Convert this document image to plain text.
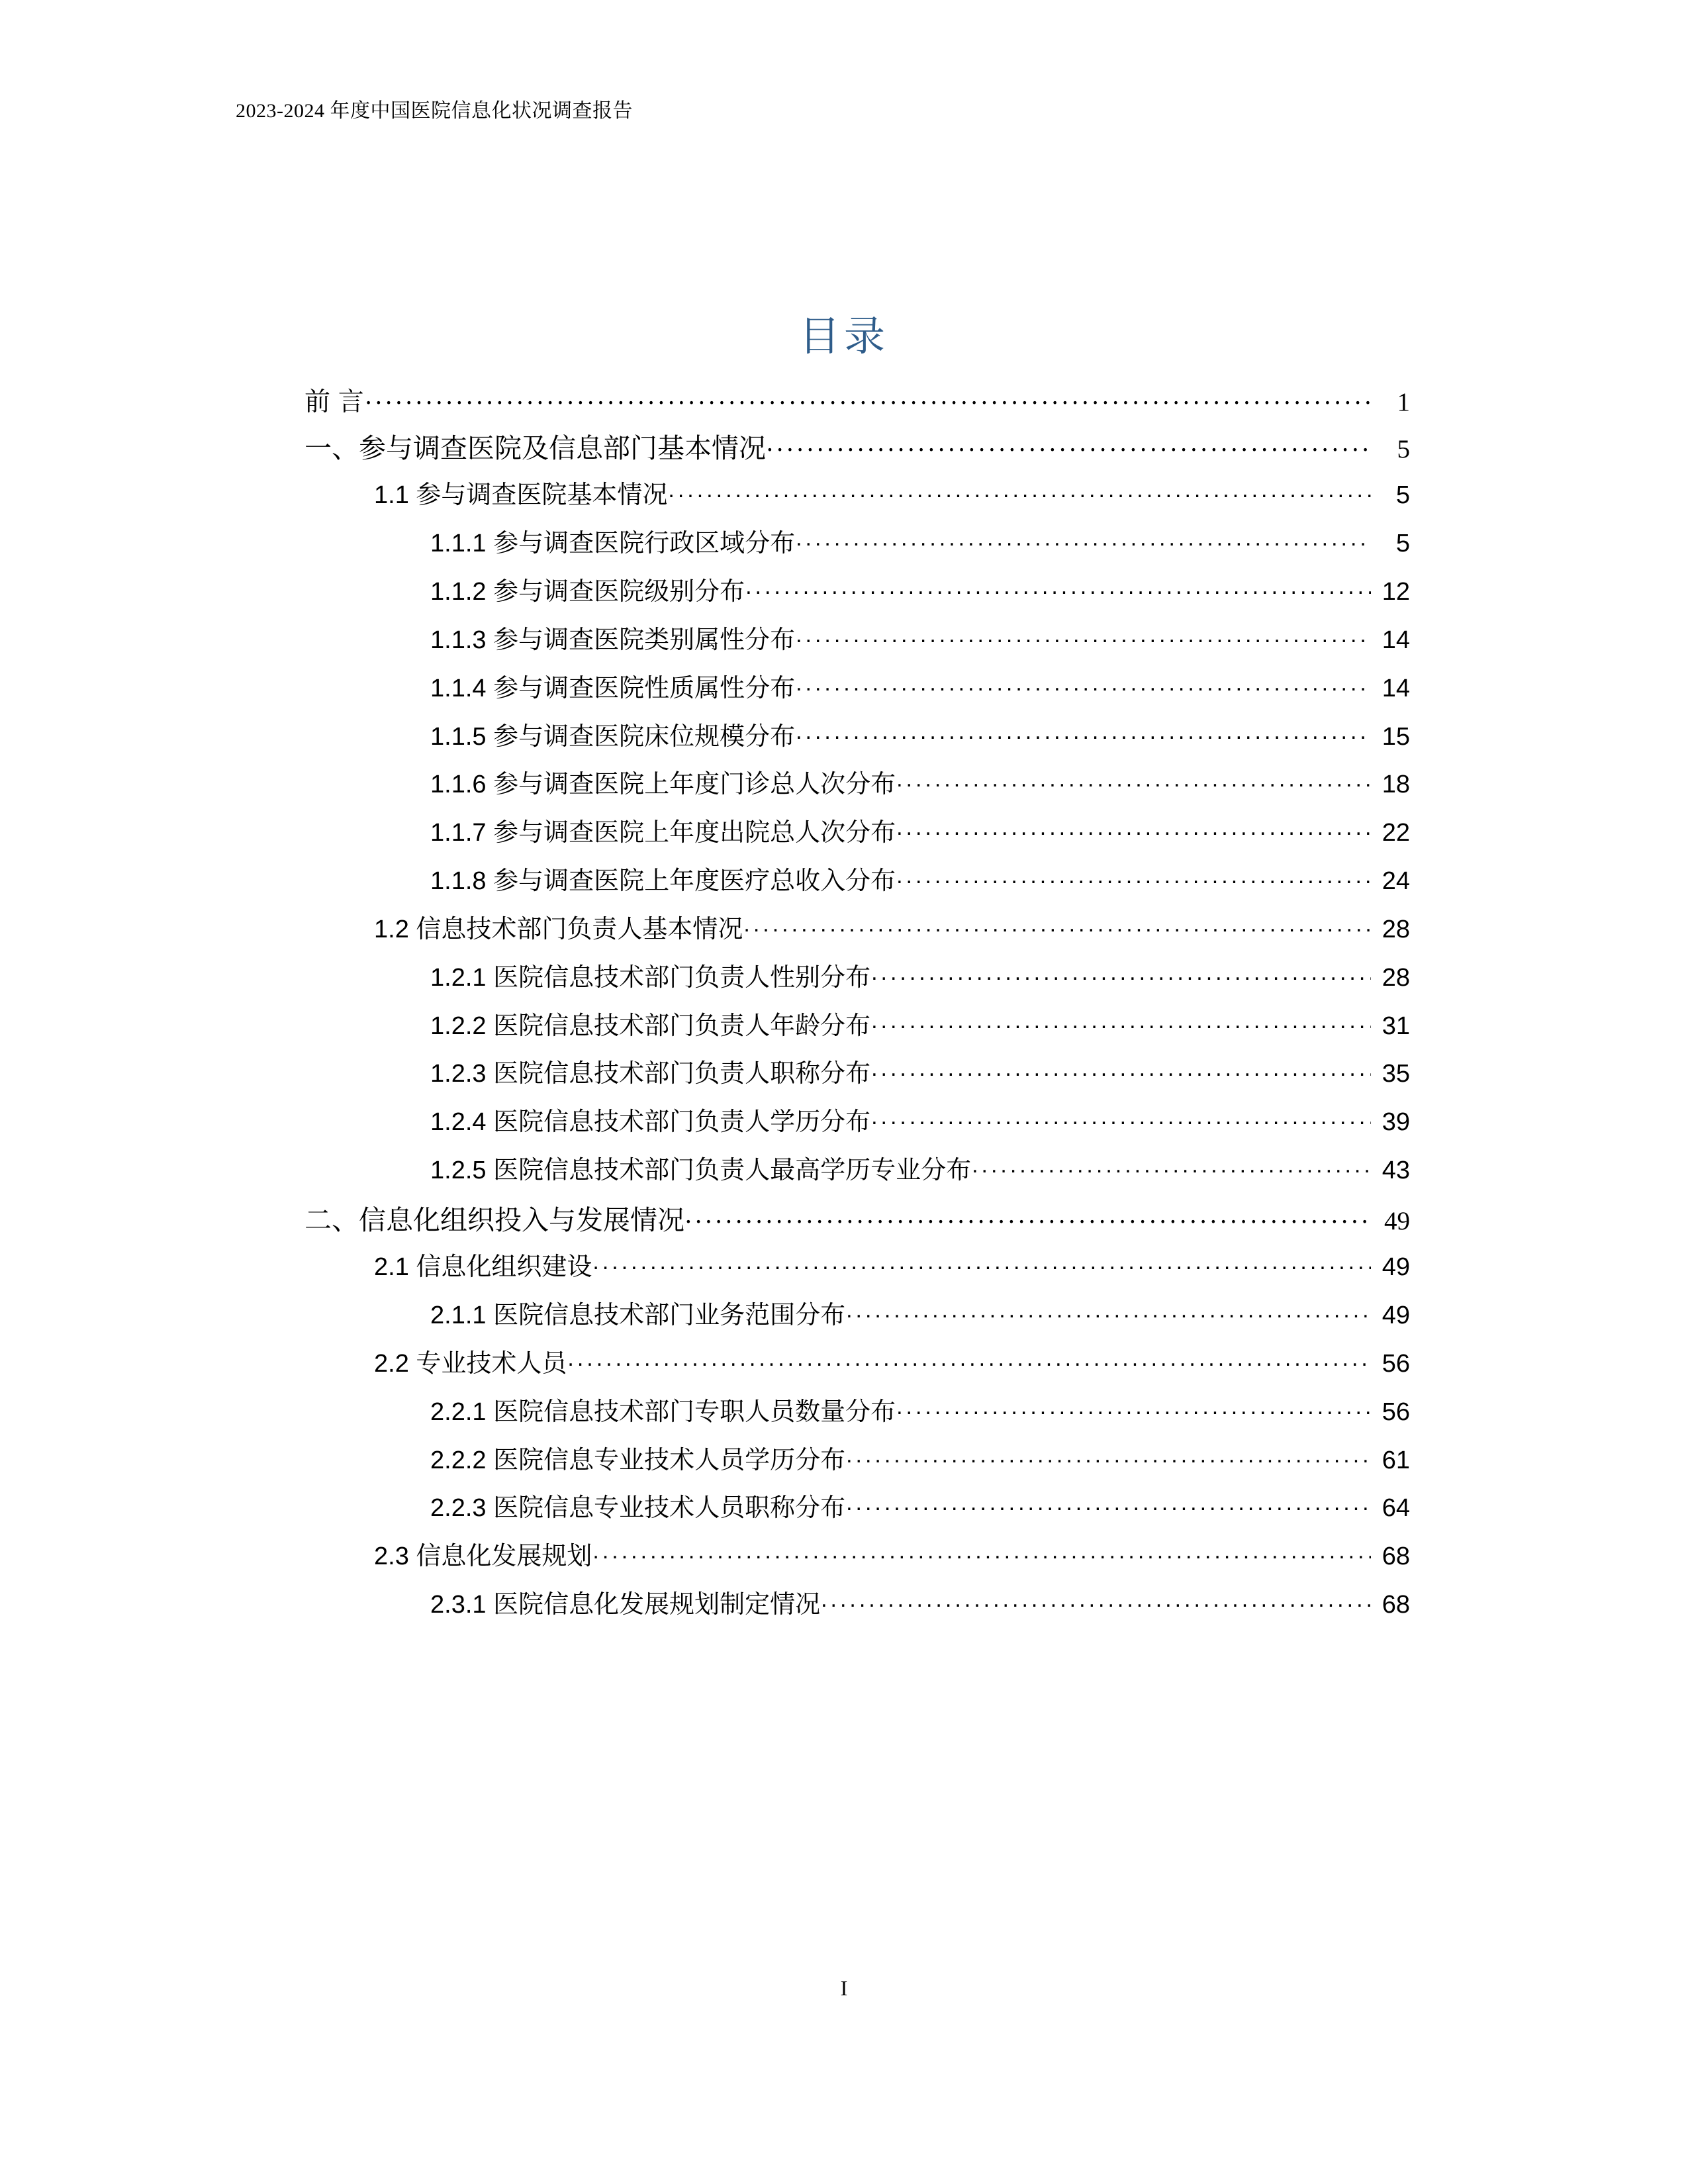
2023-2024 年度中国医院信息化状况调查报告
目录
前 言 .....	1
一、参与调查医院及信息部门基本情况 .....	5
1.1 参与调查医院基本情况 .....	5
1.1.1 参与调查医院行政区域分布 .....	5
1.1.2 参与调查医院级别分布 .....	12
1.1.3 参与调查医院类别属性分布 .....	14
1.1.4 参与调查医院性质属性分布 .....	14
1.1.5 参与调查医院床位规模分布 .....	15
1.1.6 参与调查医院上年度门诊总人次分布 .....	18
1.1.7 参与调查医院上年度出院总人次分布 .....	22
1.1.8 参与调查医院上年度医疗总收入分布 .....	24
1.2 信息技术部门负责人基本情况 .....	28
1.2.1 医院信息技术部门负责人性别分布 .....	28
1.2.2 医院信息技术部门负责人年龄分布 .....	31
1.2.3 医院信息技术部门负责人职称分布 .....	35
1.2.4 医院信息技术部门负责人学历分布 .....	39
1.2.5 医院信息技术部门负责人最高学历专业分布 .....	43
二、信息化组织投入与发展情况 .....	49
2.1 信息化组织建设 .....	49
2.1.1 医院信息技术部门业务范围分布 .....	49
2.2 专业技术人员 .....	56
2.2.1 医院信息技术部门专职人员数量分布 .....	56
2.2.2 医院信息专业技术人员学历分布 .....	61
2.2.3 医院信息专业技术人员职称分布 .....	64
2.3 信息化发展规划 .....	68
2.3.1 医院信息化发展规划制定情况 .....	68
I
